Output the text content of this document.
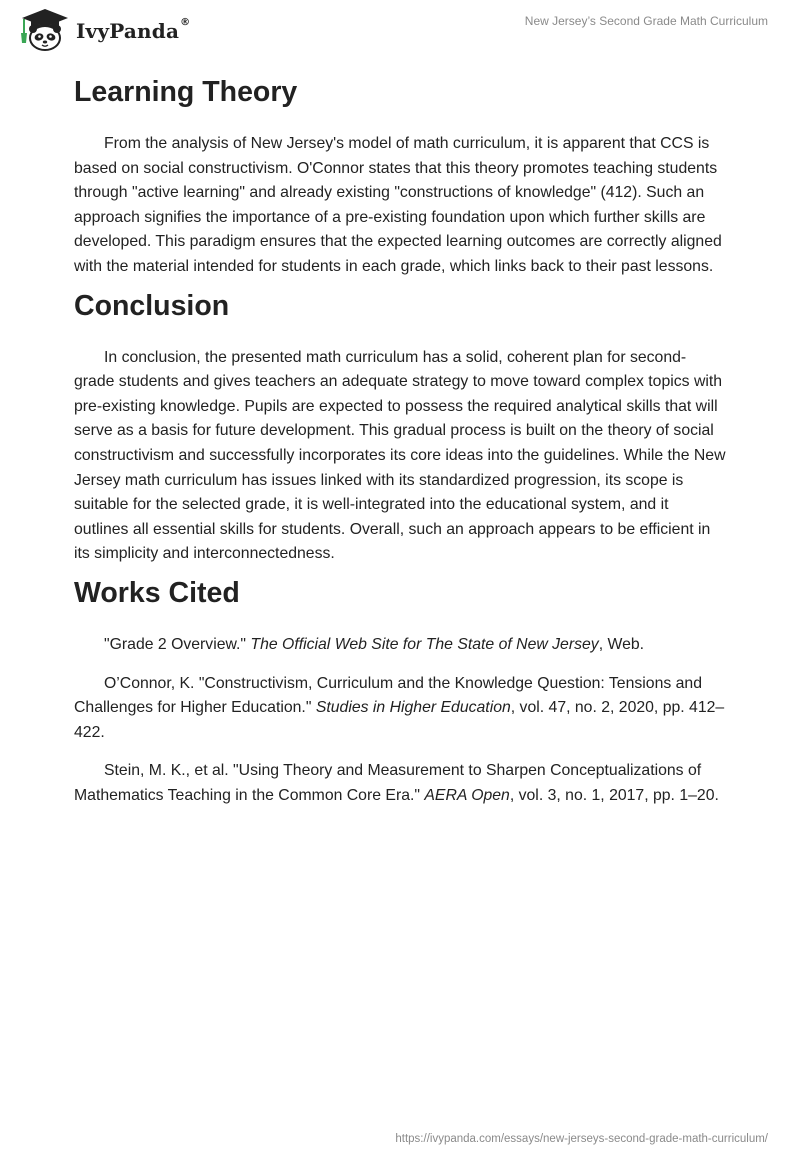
IvyPanda®	New Jersey’s Second Grade Math Curriculum
Learning Theory

From the analysis of New Jersey's model of math curriculum, it is apparent that CCS is based on social constructivism. O'Connor states that this theory promotes teaching students through "active learning" and already existing "constructions of knowledge" (412). Such an approach signifies the importance of a pre-existing foundation upon which further skills are developed. This paradigm ensures that the expected learning outcomes are correctly aligned with the material intended for students in each grade, which links back to their past lessons.

Conclusion

In conclusion, the presented math curriculum has a solid, coherent plan for second-grade students and gives teachers an adequate strategy to move toward complex topics with pre-existing knowledge. Pupils are expected to possess the required analytical skills that will serve as a basis for future development. This gradual process is built on the theory of social constructivism and successfully incorporates its core ideas into the guidelines. While the New Jersey math curriculum has issues linked with its standardized progression, its scope is suitable for the selected grade, it is well-integrated into the educational system, and it outlines all essential skills for students. Overall, such an approach appears to be efficient in its simplicity and interconnectedness.

Works Cited

"Grade 2 Overview." The Official Web Site for The State of New Jersey, Web.

O’Connor, K. "Constructivism, Curriculum and the Knowledge Question: Tensions and Challenges for Higher Education." Studies in Higher Education, vol. 47, no. 2, 2020, pp. 412–422.

Stein, M. K., et al. "Using Theory and Measurement to Sharpen Conceptualizations of Mathematics Teaching in the Common Core Era." AERA Open, vol. 3, no. 1, 2017, pp. 1–20.

https://ivypanda.com/essays/new-jerseys-second-grade-math-curriculum/
